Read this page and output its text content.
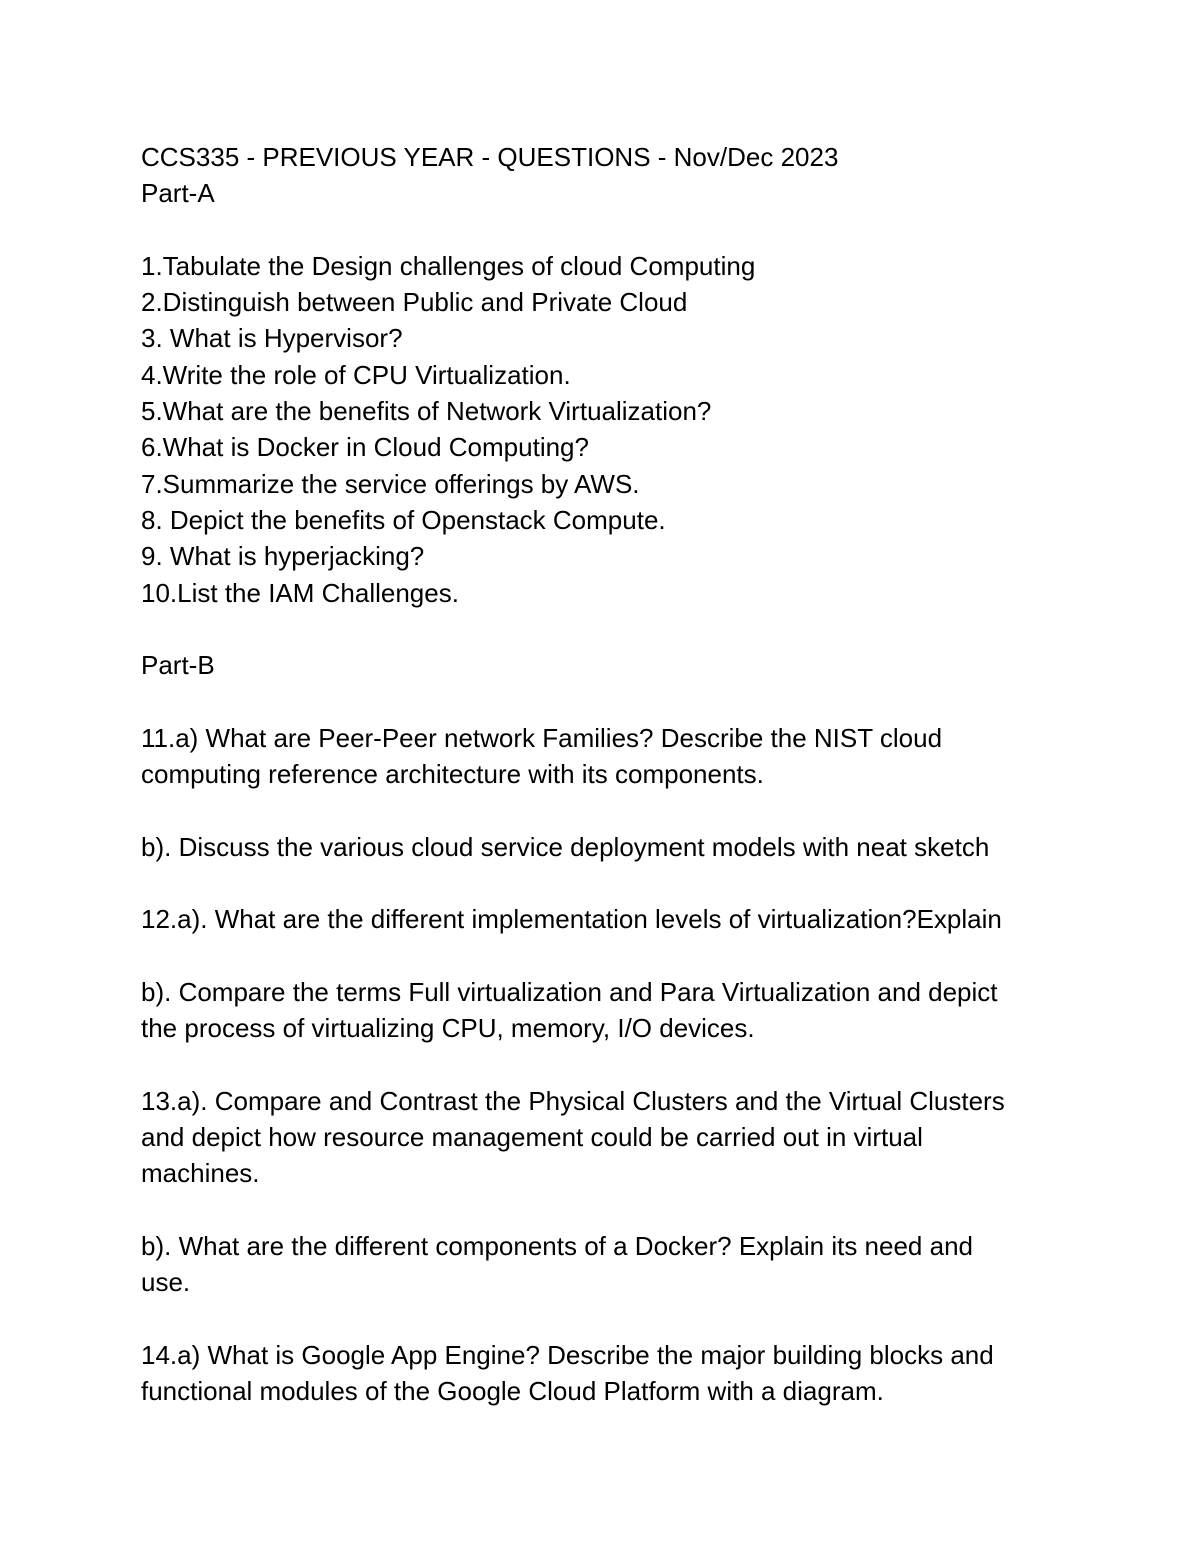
CCS335 - PREVIOUS YEAR - QUESTIONS - Nov/Dec 2023
Part-A
1.Tabulate the Design challenges of cloud Computing
2.Distinguish between Public and Private Cloud
3. What is Hypervisor?
4.Write the role of CPU Virtualization.
5.What are the benefits of Network Virtualization?
6.What is Docker in Cloud Computing?
7.Summarize the service offerings by AWS.
8. Depict the benefits of Openstack Compute.
9. What is hyperjacking?
10.List the IAM Challenges.
Part-B
11.a) What are Peer-Peer network Families? Describe the NIST cloud
computing reference architecture with its components.
b). Discuss the various cloud service deployment models with neat sketch
12.a). What are the different implementation levels of virtualization?Explain
b). Compare the terms Full virtualization and Para Virtualization and depict
the process of virtualizing CPU, memory, I/O devices.
13.a). Compare and Contrast the Physical Clusters and the Virtual Clusters
and depict how resource management could be carried out in virtual
machines.
b). What are the different components of a Docker? Explain its need and
use.
14.a) What is Google App Engine? Describe the major building blocks and
functional modules of the Google Cloud Platform with a diagram.
